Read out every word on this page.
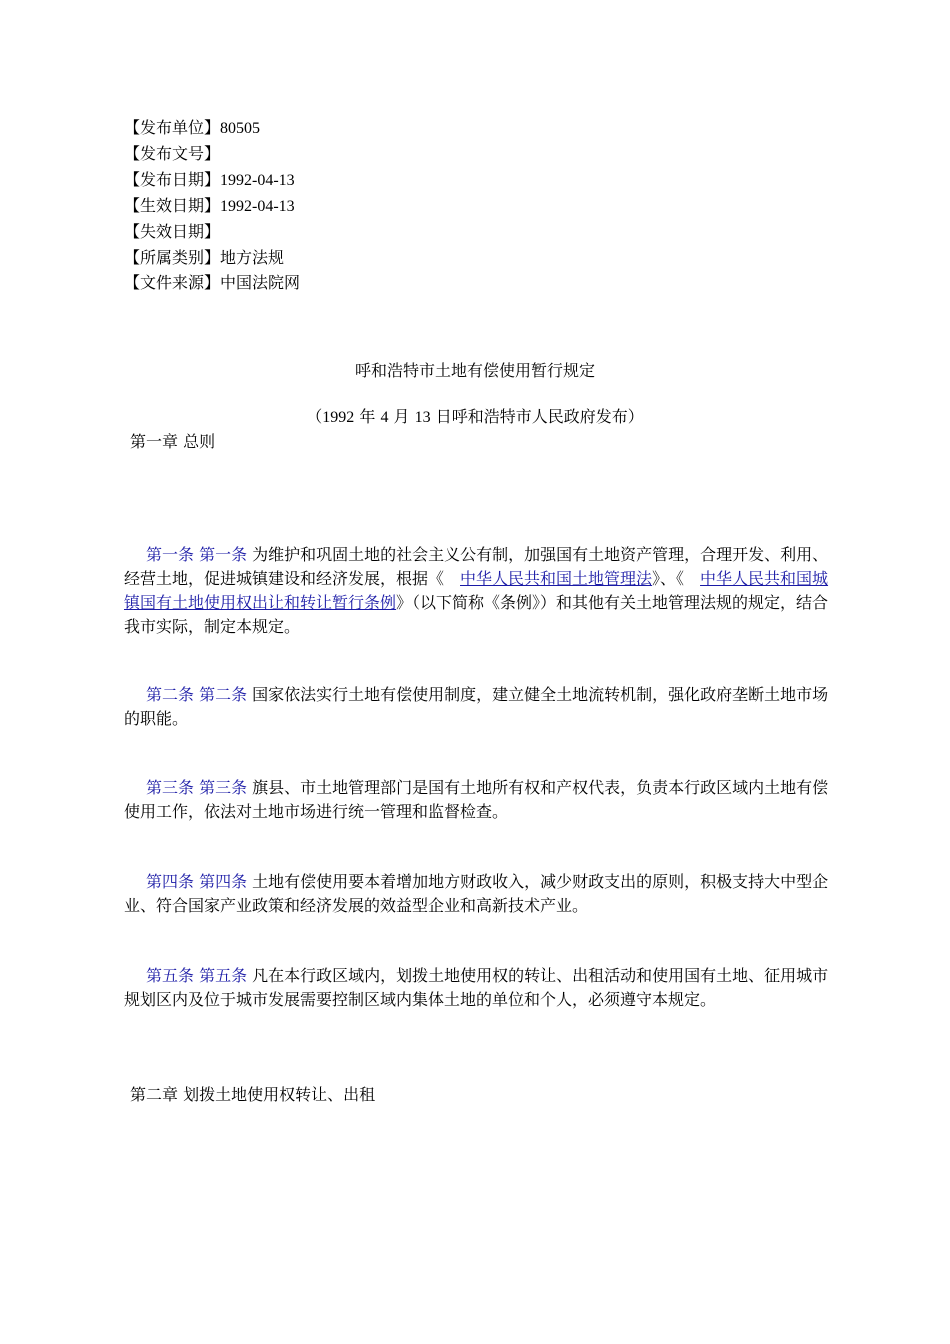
【发布单位】80505
【发布文号】
【发布日期】1992-04-13
【生效日期】1992-04-13
【失效日期】
【所属类别】地方法规
【文件来源】中国法院网
呼和浩特市土地有偿使用暂行规定
（1992 年 4 月 13 日呼和浩特市人民政府发布）
第一章 总则
第一条 第一条 为维护和巩固土地的社会主义公有制，加强国有土地资产管理，合理开发、利用、经营土地，促进城镇建设和经济发展，根据《　中华人民共和国土地管理法》、《　中华人民共和国城镇国有土地使用权出让和转让暂行条例》（以下简称《条例》）和其他有关土地管理法规的规定，结合我市实际，制定本规定。
第二条 第二条 国家依法实行土地有偿使用制度，建立健全土地流转机制，强化政府垄断土地市场的职能。
第三条 第三条 旗县、市土地管理部门是国有土地所有权和产权代表，负责本行政区域内土地有偿使用工作，依法对土地市场进行统一管理和监督检查。
第四条 第四条 土地有偿使用要本着增加地方财政收入，减少财政支出的原则，积极支持大中型企业、符合国家产业政策和经济发展的效益型企业和高新技术产业。
第五条 第五条 凡在本行政区域内，划拨土地使用权的转让、出租活动和使用国有土地、征用城市规划区内及位于城市发展需要控制区域内集体土地的单位和个人，必须遵守本规定。
第二章 划拨土地使用权转让、出租
